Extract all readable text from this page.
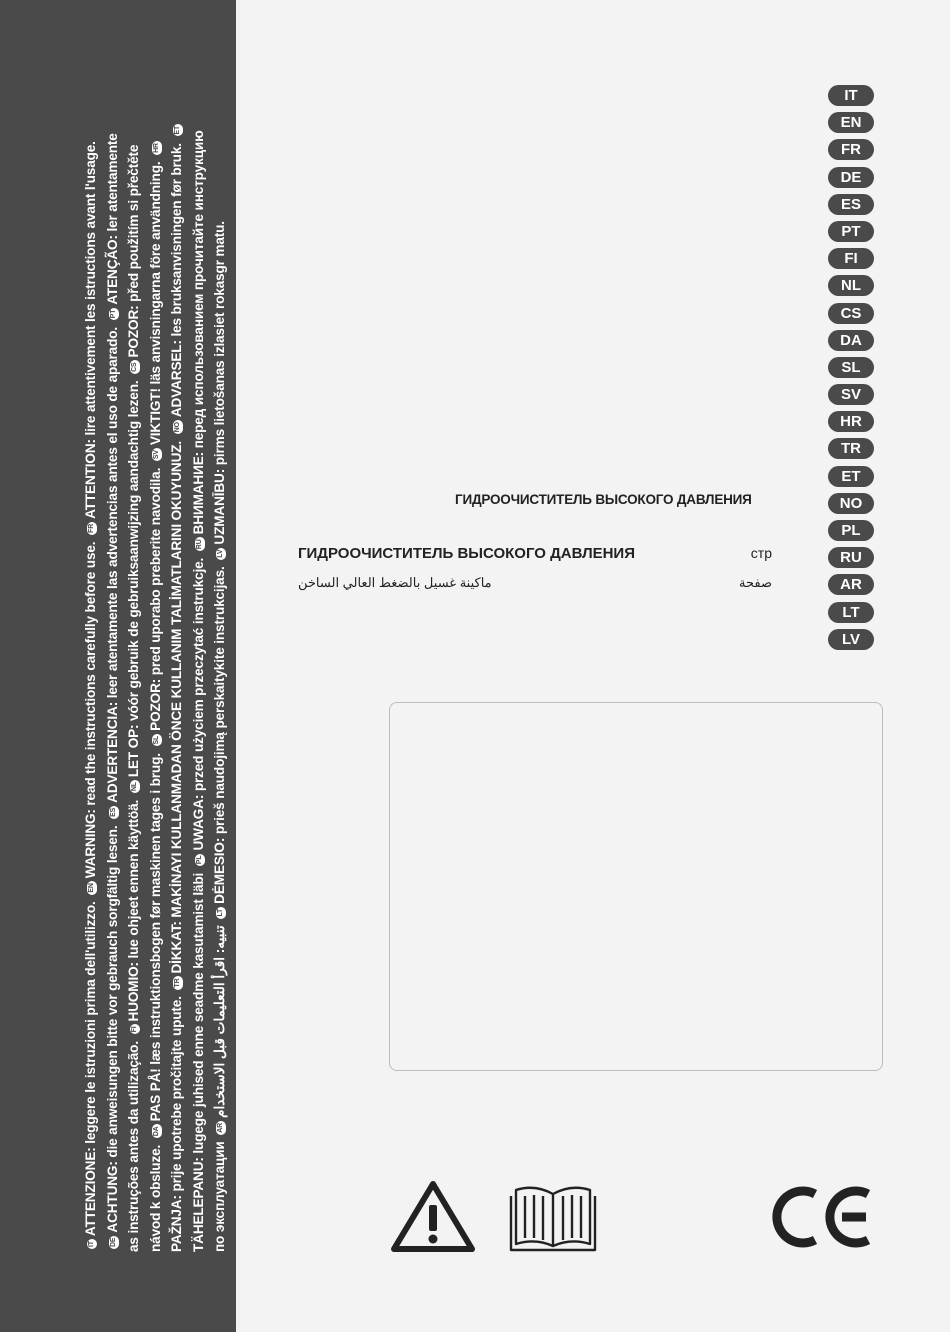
ITATTENZIONE: leggere le istruzioni prima dell'utilizzo. ENWARNING: read the instructions carefully before use. FRATTENTION: lire attentivement les istructions avant l'usage.
DEACHTUNG: die anweisungen bitte vor gebrauch sorgfältig lesen. ESADVERTENCIA: leer atentamente las advertencias antes el uso de aparado. PTATENÇÃO: ler atentamente
as instruções antes da utilização. FIHUOMIO: lue ohjeet ennen käyttöä. NLLET OP: vóór gebruik de gebruiksaanwijzing aandachtig lezen. CSPOZOR: před použitím si přečtěte
návod k obsluze. DAPAS PÅ! læs instruktionsbogen før maskinen tages i brug. SLPOZOR: pred uporabo preberite navodila. SVVIKTIGT! läs anvisningarna före användning. HR
PAŽNJA: prije upotrebe pročitajte upute. TRDİKKAT: MAKİNAYI KULLANMADAN ÖNCE KULLANIM TALİMATLARINI OKUYUNUZ. NOADVARSEL: les bruksanvisningen før bruk. ET
TÄHELEPANU: lugege juhised enne seadme kasutamist läbi PLUWAGA: przed użyciem przeczytać instrukcje. RUВНИМАНИЕ: перед использованием прочитайте инструкцию
по эксплуатации ARتنبيه: اقرأ التعليمات قبل الاستخدام LTDĖMESIO: prieš naudojimą perskaitykite instrukcijas. LVUZMANĪBU: pirms lietošanas izlasiet rokasgr matu.	ГИДРООЧИСТИТЕЛЬ ВЫСОКОГО ДАВЛЕНИЯ
ГИДРООЧИСТИТЕЛЬ ВЫСОКОГО ДАВЛЕНИЯ	стр
ماكينة غسيل بالضغط العالي الساخن	صفحة
IT
EN
FR
DE
ES
PT
FI
NL
CS
DA
SL
SV
HR
TR
ET
NO
PL
RU
AR
LT
LV
